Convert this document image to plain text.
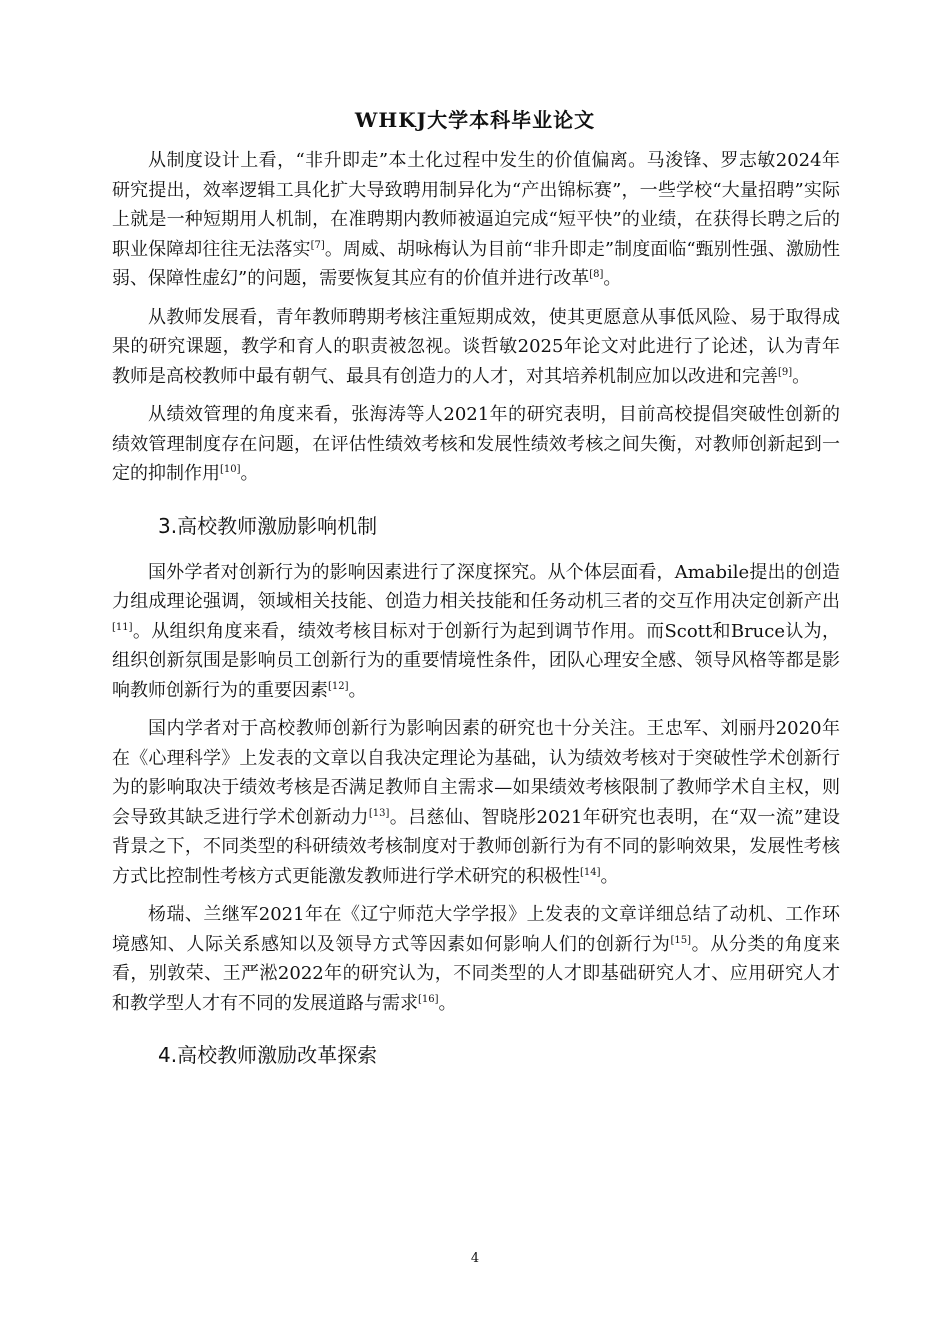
WHKJ大学本科毕业论文

从制度设计上看，“非升即走”本土化过程中发生的价值偏离。马浚锋、罗志敏2024年研究提出，效率逻辑工具化扩大导致聘用制异化为“产出锦标赛”，一些学校“大量招聘”实际上就是一种短期用人机制，在准聘期内教师被逼迫完成“短平快”的业绩，在获得长聘之后的职业保障却往往无法落实[7]。周威、胡咏梅认为目前“非升即走”制度面临“甄别性强、激励性弱、保障性虚幻”的问题，需要恢复其应有的价值并进行改革[8]。

从教师发展看，青年教师聘期考核注重短期成效，使其更愿意从事低风险、易于取得成果的研究课题，教学和育人的职责被忽视。谈哲敏2025年论文对此进行了论述，认为青年教师是高校教师中最有朝气、最具有创造力的人才，对其培养机制应加以改进和完善[9]。

从绩效管理的角度来看，张海涛等人2021年的研究表明，目前高校提倡突破性创新的绩效管理制度存在问题，在评估性绩效考核和发展性绩效考核之间失衡，对教师创新起到一定的抑制作用[10]。

3.高校教师激励影响机制

国外学者对创新行为的影响因素进行了深度探究。从个体层面看，Amabile提出的创造力组成理论强调，领域相关技能、创造力相关技能和任务动机三者的交互作用决定创新产出[11]。从组织角度来看，绩效考核目标对于创新行为起到调节作用。而Scott和Bruce认为，组织创新氛围是影响员工创新行为的重要情境性条件，团队心理安全感、领导风格等都是影响教师创新行为的重要因素[12]。

国内学者对于高校教师创新行为影响因素的研究也十分关注。王忠军、刘丽丹2020年在《心理科学》上发表的文章以自我决定理论为基础，认为绩效考核对于突破性学术创新行为的影响取决于绩效考核是否满足教师自主需求—如果绩效考核限制了教师学术自主权，则会导致其缺乏进行学术创新动力[13]。吕慈仙、智晓彤2021年研究也表明，在“双一流”建设背景之下，不同类型的科研绩效考核制度对于教师创新行为有不同的影响效果，发展性考核方式比控制性考核方式更能激发教师进行学术研究的积极性[14]。

杨瑞、兰继军2021年在《辽宁师范大学学报》上发表的文章详细总结了动机、工作环境感知、人际关系感知以及领导方式等因素如何影响人们的创新行为[15]。从分类的角度来看，别敦荣、王严淞2022年的研究认为，不同类型的人才即基础研究人才、应用研究人才和教学型人才有不同的发展道路与需求[16]。

4.高校教师激励改革探索
4
